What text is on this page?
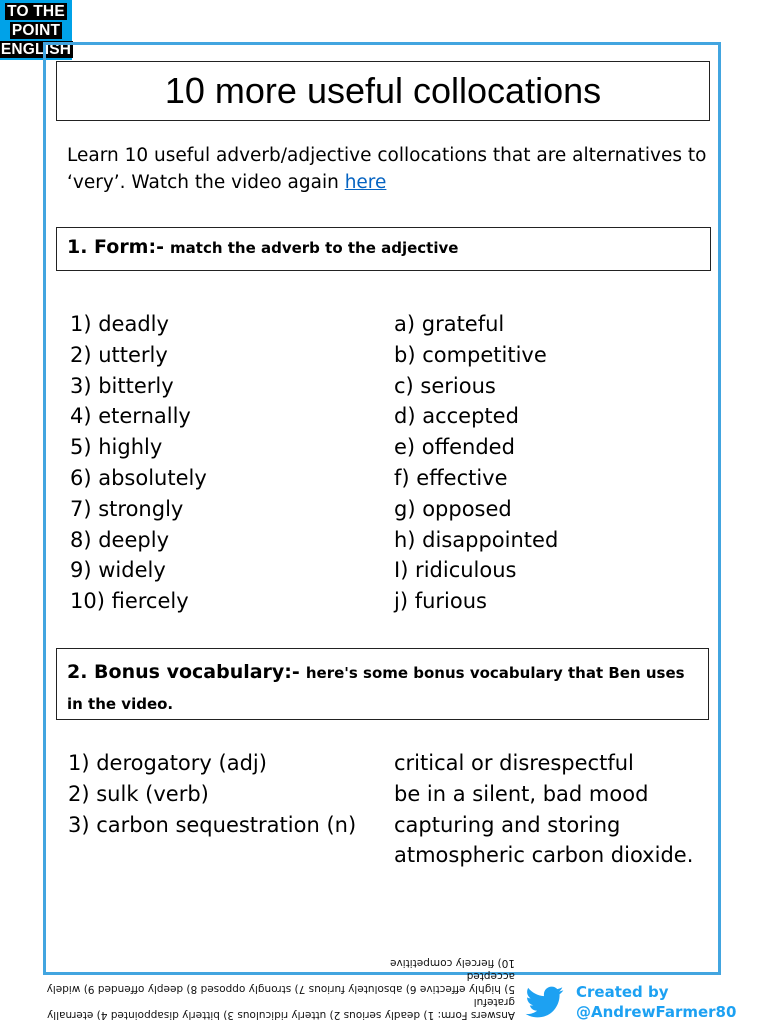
TO THE
POINT
ENGLISH
10 more useful collocations
Learn 10 useful adverb/adjective collocations that are alternatives to ‘very’. Watch the video again here
1. Form:- match the adverb to the adjective
1) deadly
2) utterly
3) bitterly
4) eternally
5) highly
6) absolutely
7) strongly
8) deeply
9) widely
10) fiercely
a) grateful
b) competitive
c) serious
d) accepted
e) offended
f) effective
g) opposed
h) disappointed
I) ridiculous
j) furious
2. Bonus vocabulary:- here's some bonus vocabulary that Ben uses in the video.
1) derogatory (adj)
2) sulk (verb)
3) carbon sequestration (n)
critical or disrespectful
be in a silent, bad mood
capturing and storing
atmospheric carbon dioxide.
Answers Form: 1) deadly serious 2) utterly ridiculous 3) bitterly disappointed 4) eternally grateful
5) highly effective 6) absolutely furious 7) strongly opposed 8) deeply offended 9) widely accepted
10) fiercely competitive
Created by
@AndrewFarmer80
